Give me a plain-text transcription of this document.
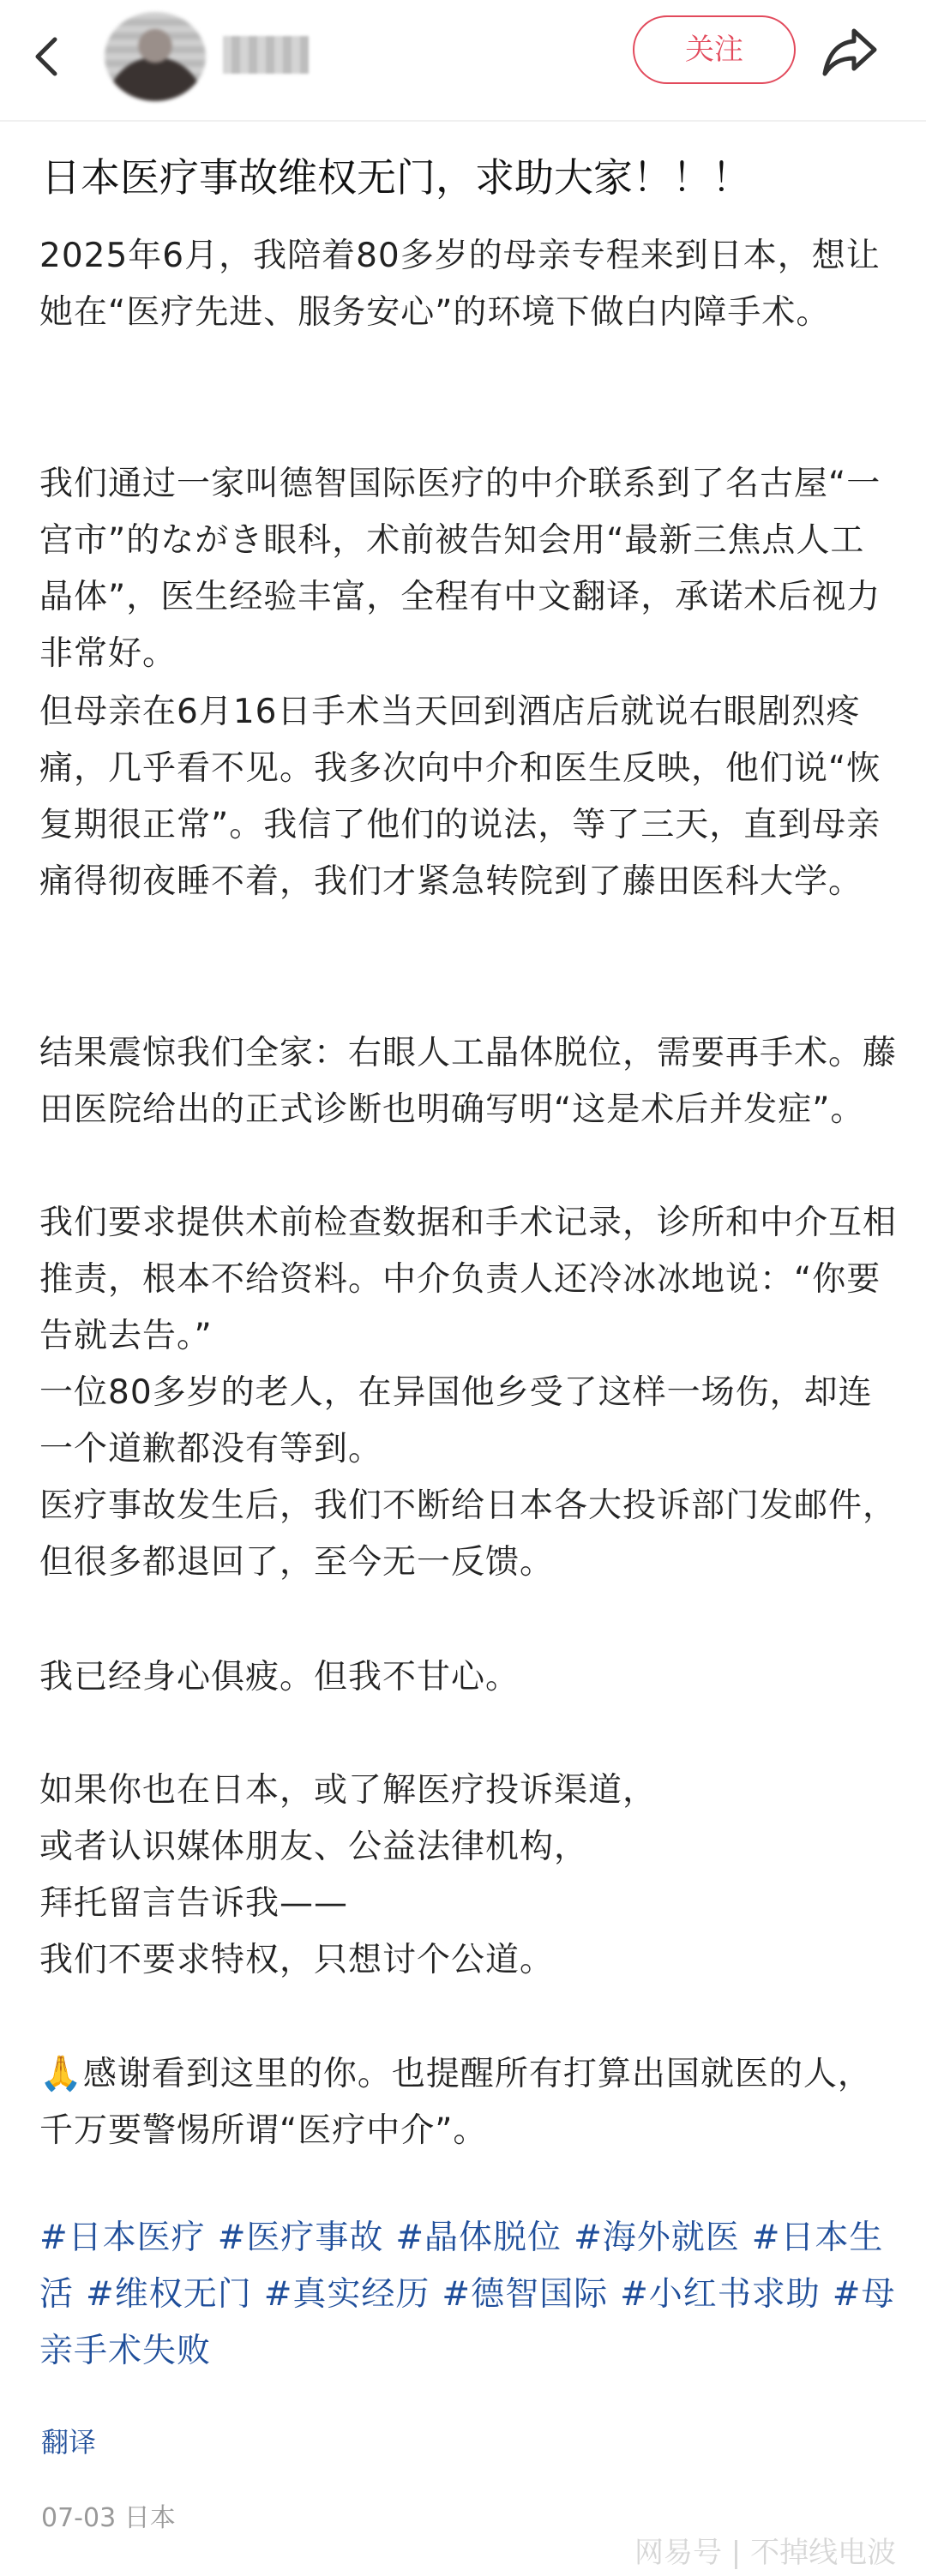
关注
日本医疗事故维权无门，求助大家！！！

2025年6月，我陪着80多岁的母亲专程来到日本，想让她在“医疗先进、服务安心”的环境下做白内障手术。

我们通过一家叫德智国际医疗的中介联系到了名古屋“一宫市”的ながき眼科，术前被告知会用“最新三焦点人工晶体”，医生经验丰富，全程有中文翻译，承诺术后视力非常好。

但母亲在6月16日手术当天回到酒店后就说右眼剧烈疼痛，几乎看不见。我多次向中介和医生反映，他们说“恢复期很正常”。我信了他们的说法，等了三天，直到母亲痛得彻夜睡不着，我们才紧急转院到了藤田医科大学。

结果震惊我们全家：右眼人工晶体脱位，需要再手术。藤田医院给出的正式诊断也明确写明“这是术后并发症”。

我们要求提供术前检查数据和手术记录，诊所和中介互相推责，根本不给资料。中介负责人还冷冰冰地说：“你要告就去告。”

一位80多岁的老人，在异国他乡受了这样一场伤，却连一个道歉都没有等到。

医疗事故发生后，我们不断给日本各大投诉部门发邮件，但很多都退回了，至今无一反馈。

我已经身心俱疲。但我不甘心。

如果你也在日本，或了解医疗投诉渠道，

或者认识媒体朋友、公益法律机构，

拜托留言告诉我——

我们不要求特权，只想讨个公道。

🙏感谢看到这里的你。也提醒所有打算出国就医的人，千万要警惕所谓“医疗中介”。

#日本医疗 #医疗事故 #晶体脱位 #海外就医 #日本生活 #维权无门 #真实经历 #德智国际 #小红书求助 #母亲手术失败

翻译
07-03 日本
网易号 | 不掉线电波
